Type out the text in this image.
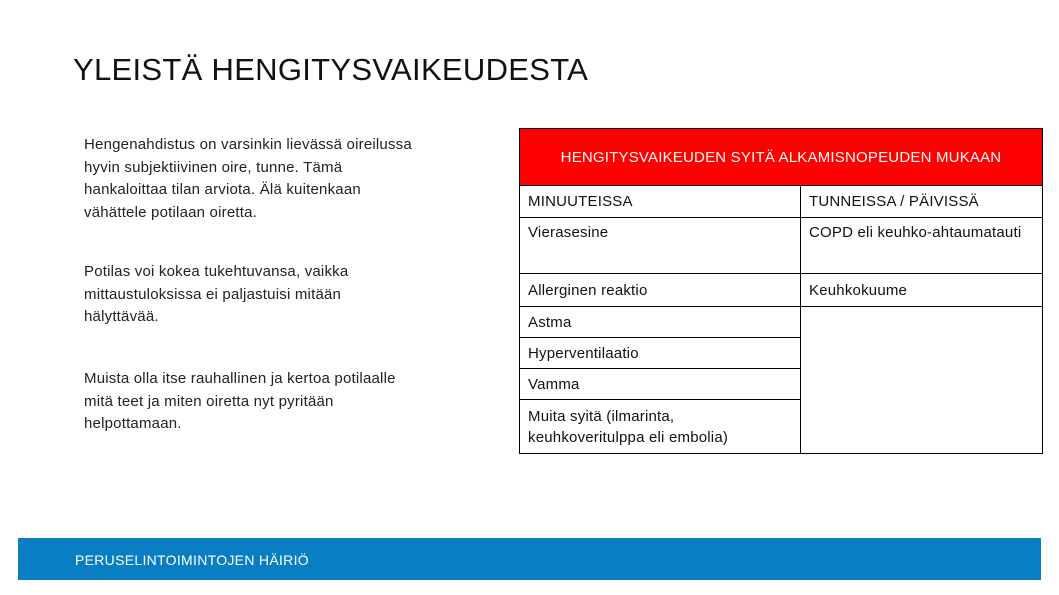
YLEISTÄ HENGITYSVAIKEUDESTA
Hengenahdistus on varsinkin lievässä oireilussa hyvin subjektiivinen oire, tunne. Tämä hankaloittaa tilan arviota. Älä kuitenkaan vähättele potilaan oiretta.
Potilas voi kokea tukehtuvansa, vaikka mittaustuloksissa ei paljastuisi mitään hälyttävää.
Muista olla itse rauhallinen ja kertoa potilaalle mitä teet ja miten oiretta nyt pyritään helpottamaan.
HENGITYSVAIKEUDEN SYITÄ ALKAMISNOPEUDEN MUKAAN	
MINUUTEISSA	TUNNEISSA / PÄIVISSÄ
Vierasesine	COPD eli keuhko-ahtaumatauti
Allerginen reaktio	Keuhkokuume
Astma	
Hyperventilaatio	
Vamma	
Muita syitä (ilmarinta, keuhkoveritulppa eli embolia)	
PERUSELINTOIMINTOJEN HÄIRIÖ
